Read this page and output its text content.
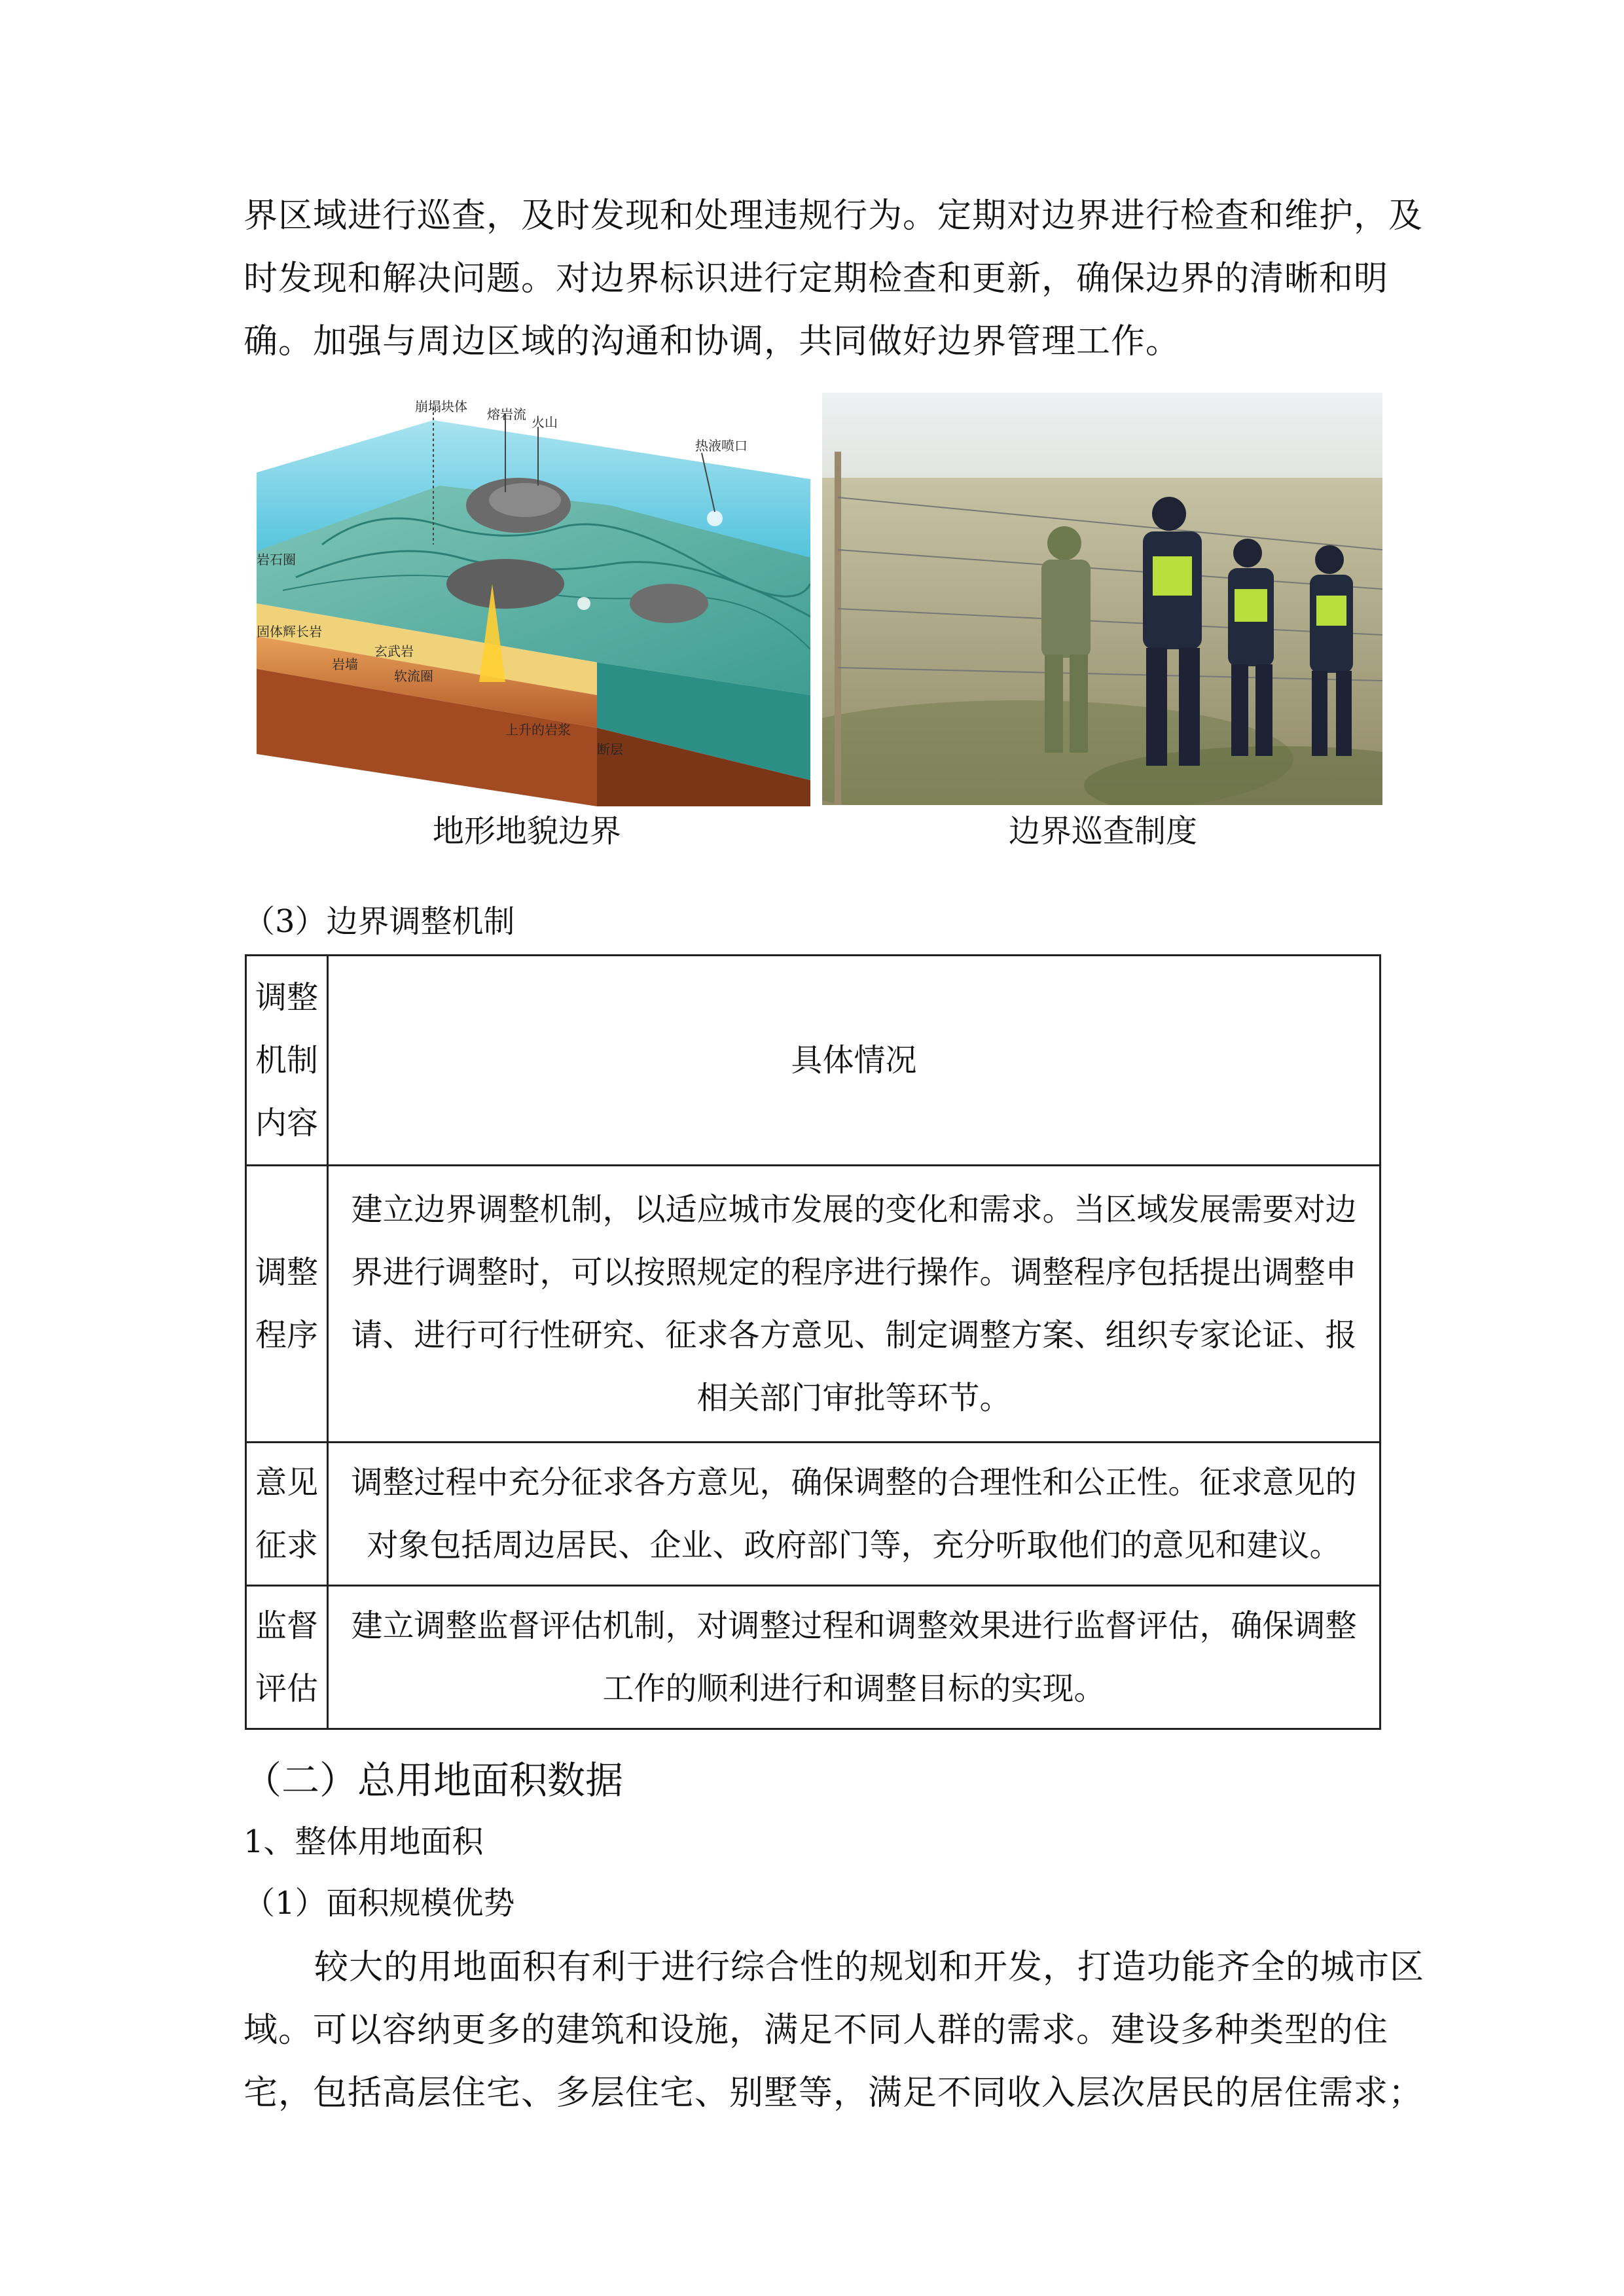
界区域进行巡查，及时发现和处理违规行为。定期对边界进行检查和维护，及
时发现和解决问题。对边界标识进行定期检查和更新，确保边界的清晰和明
确。加强与周边区域的沟通和协调，共同做好边界管理工作。
崩塌块体 熔岩流 火山
热液喷口
岩石圈
固体辉长岩
岩墙
玄武岩
软流圈
上升的岩浆
断层
地形地貌边界	边界巡查制度
（3）边界调整机制
调整
机制
内容	具体情况

调整
程序	建立边界调整机制，以适应城市发展的变化和需求。当区域发展需要对边
界进行调整时，可以按照规定的程序进行操作。调整程序包括提出调整申
请、进行可行性研究、征求各方意见、制定调整方案、组织专家论证、报
相关部门审批等环节。

意见
征求	调整过程中充分征求各方意见，确保调整的合理性和公正性。征求意见的
对象包括周边居民、企业、政府部门等，充分听取他们的意见和建议。

监督
评估	建立调整监督评估机制，对调整过程和调整效果进行监督评估，确保调整
工作的顺利进行和调整目标的实现。
（二）总用地面积数据
1、整体用地面积
（1）面积规模优势
较大的用地面积有利于进行综合性的规划和开发，打造功能齐全的城市区
域。可以容纳更多的建筑和设施，满足不同人群的需求。建设多种类型的住
宅，包括高层住宅、多层住宅、别墅等，满足不同收入层次居民的居住需求；
